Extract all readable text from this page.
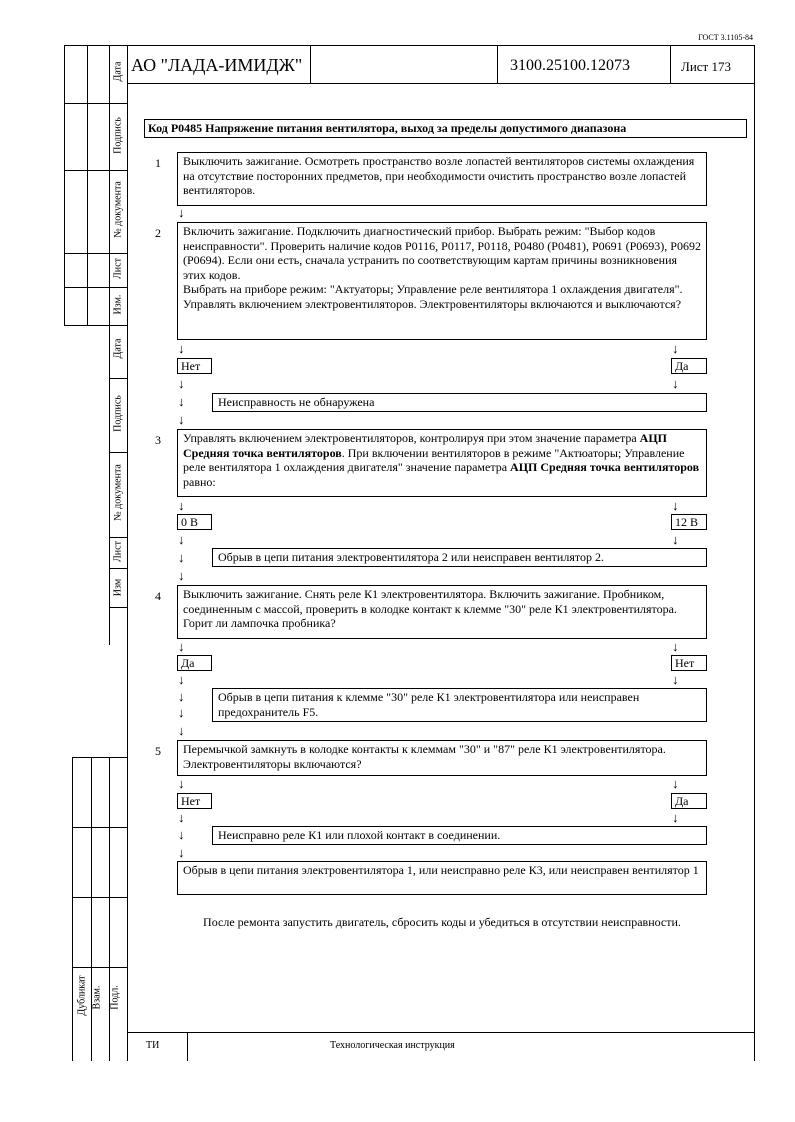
ГОСТ 3.1105-84
АО "ЛАДА-ИМИДЖ"	3100.25100.12073	Лист 173
Дата
Подпись
№ документа
Лист
Изм.
Дата
Подпись
№ документа
Лист
Изм
Дубликат Взам. Подл.
Код P0485 Напряжение питания вентилятора, выход за пределы допустимого диапазона
1	Выключить зажигание. Осмотреть пространство возле лопастей вентиляторов системы охлаждения на отсутствие посторонних предметов, при необходимости очистить пространство возле лопастей вентиляторов.
↓
2	Включить зажигание. Подключить диагностический прибор. Выбрать режим: "Выбор кодов неисправности". Проверить наличие кодов P0116, P0117, P0118, P0480 (P0481), P0691 (P0693), P0692 (P0694). Если они есть, сначала устранить по соответствующим картам причины возникновения этих кодов.
Выбрать на приборе режим: "Актуаторы; Управление реле вентилятора 1 охлаждения двигателя". Управлять включением электровентиляторов. Электровентиляторы включаются и выключаются?
↓	↓
Нет	Да
↓	↓
↓	Неисправность не обнаружена
↓
3	Управлять включением электровентиляторов, контролируя при этом значение параметра АЦП Средняя точка вентиляторов. При включении вентиляторов в режиме "Актюаторы; Управление реле вентилятора 1 охлаждения двигателя" значение параметра АЦП Средняя точка вентиляторов равно:
↓	↓
0 В	12 В
↓	↓
↓	Обрыв в цепи питания электровентилятора 2 или неисправен вентилятор 2.
↓
4	Выключить зажигание. Снять реле К1 электровентилятора. Включить зажигание. Пробником, соединенным с массой, проверить в колодке контакт к клемме "30" реле К1 электровентилятора. Горит ли лампочка пробника?
↓	↓
Да	Нет
↓	↓
↓
↓
Обрыв в цепи питания к клемме "30" реле К1 электровентилятора или неисправен предохранитель F5.
↓
5	Перемычкой замкнуть в колодке контакты к клеммам "30" и "87" реле К1 электровентилятора. Электровентиляторы включаются?
↓	↓
Нет	Да
↓	↓
↓	Неисправно реле К1 или плохой контакт в соединении.
↓
Обрыв в цепи питания электровентилятора 1, или неисправно реле К3, или неисправен вентилятор 1
После ремонта запустить двигатель, сбросить коды и убедиться в отсутствии неисправности.
ТИ	Технологическая инструкция
